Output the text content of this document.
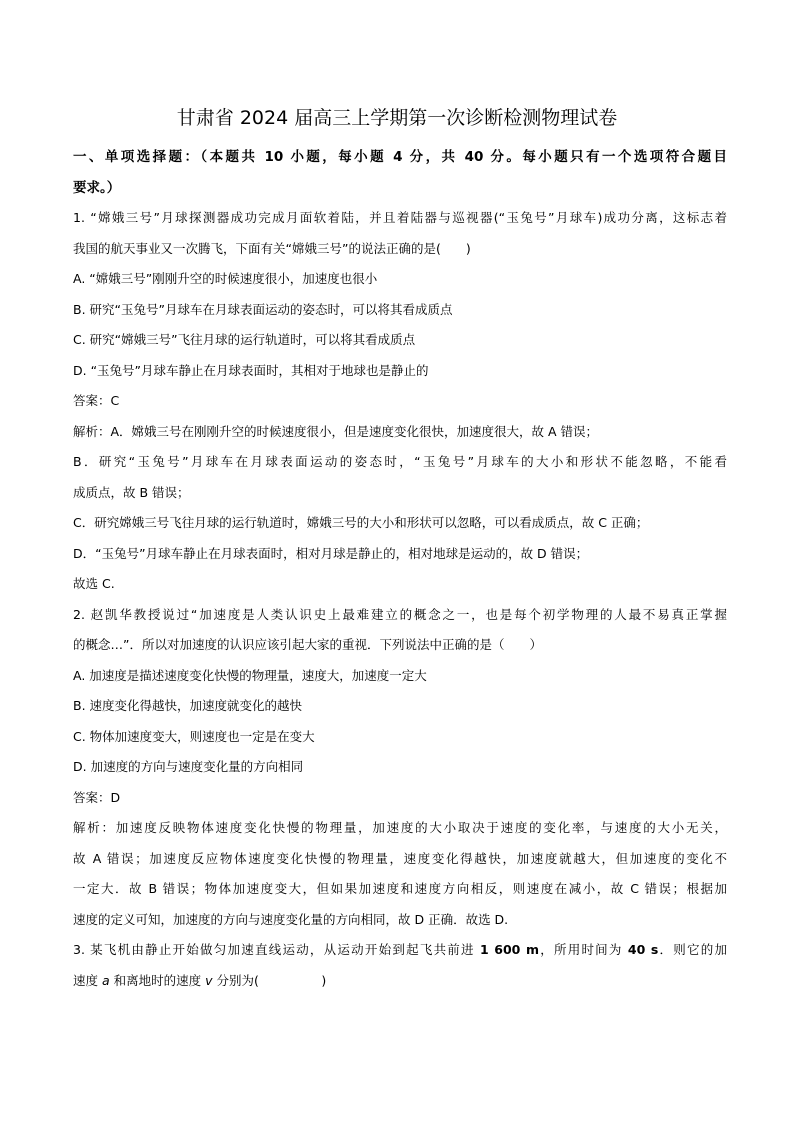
甘肃省 2024 届高三上学期第一次诊断检测物理试卷
一、单项选择题：（本题共 10 小题，每小题 4 分，共 40 分。每小题只有一个选项符合题目
要求。）
1. “嫦娥三号”月球探测器成功完成月面软着陆，并且着陆器与巡视器(“玉兔号”月球车)成功分离，这标志着
我国的航天事业又一次腾飞，下面有关“嫦娥三号”的说法正确的是(　　)
A. “嫦娥三号”刚刚升空的时候速度很小，加速度也很小
B. 研究“玉兔号”月球车在月球表面运动的姿态时，可以将其看成质点
C. 研究“嫦娥三号”飞往月球的运行轨道时，可以将其看成质点
D. “玉兔号”月球车静止在月球表面时，其相对于地球也是静止的
答案：C
解析：A．嫦娥三号在刚刚升空的时候速度很小，但是速度变化很快，加速度很大，故 A 错误；
B．研究“玉兔号”月球车在月球表面运动的姿态时，“玉兔号”月球车的大小和形状不能忽略，不能看
成质点，故 B 错误；
C．研究嫦娥三号飞往月球的运行轨道时，嫦娥三号的大小和形状可以忽略，可以看成质点，故 C 正确；
D．“玉兔号”月球车静止在月球表面时，相对月球是静止的，相对地球是运动的，故 D 错误；
故选 C.
2. 赵凯华教授说过“加速度是人类认识史上最难建立的概念之一，也是每个初学物理的人最不易真正掌握
的概念…”．所以对加速度的认识应该引起大家的重视．下列说法中正确的是（　　）
A. 加速度是描述速度变化快慢的物理量，速度大，加速度一定大
B. 速度变化得越快，加速度就变化的越快
C. 物体加速度变大，则速度也一定是在变大
D. 加速度的方向与速度变化量的方向相同
答案：D
解析：加速度反映物体速度变化快慢的物理量，加速度的大小取决于速度的变化率，与速度的大小无关，
故 A 错误；加速度反应物体速度变化快慢的物理量，速度变化得越快，加速度就越大，但加速度的变化不
一定大．故 B 错误；物体加速度变大，但如果加速度和速度方向相反，则速度在减小，故 C 错误；根据加
速度的定义可知，加速度的方向与速度变化量的方向相同，故 D 正确．故选 D.
3. 某飞机由静止开始做匀加速直线运动，从运动开始到起飞共前进 1 600 m，所用时间为 40 s．则它的加
速度 a 和离地时的速度 v 分别为(　　　　　)
